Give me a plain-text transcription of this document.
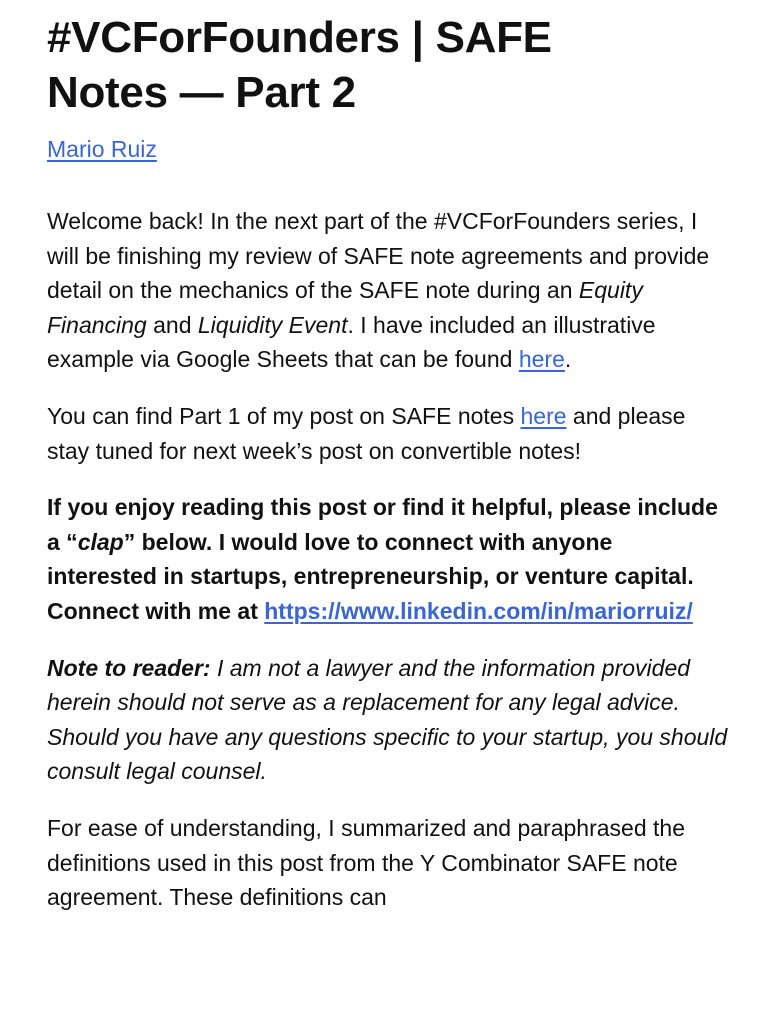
#VCForFounders | SAFE
Notes — Part 2
Mario Ruiz

Welcome back! In the next part of the #VCForFounders series, I will be finishing my review of SAFE note agreements and provide detail on the mechanics of the SAFE note during an Equity Financing and Liquidity Event. I have included an illustrative example via Google Sheets that can be found here.

You can find Part 1 of my post on SAFE notes here and please stay tuned for next week’s post on convertible notes!

If you enjoy reading this post or find it helpful, please include a “clap” below. I would love to connect with anyone interested in startups, entrepreneurship, or venture capital. Connect with me at https://www.linkedin.com/in/mariorruiz/

Note to reader: I am not a lawyer and the information provided herein should not serve as a replacement for any legal advice. Should you have any questions specific to your startup, you should consult legal counsel.

For ease of understanding, I summarized and paraphrased the definitions used in this post from the Y Combinator SAFE note agreement. These definitions can
